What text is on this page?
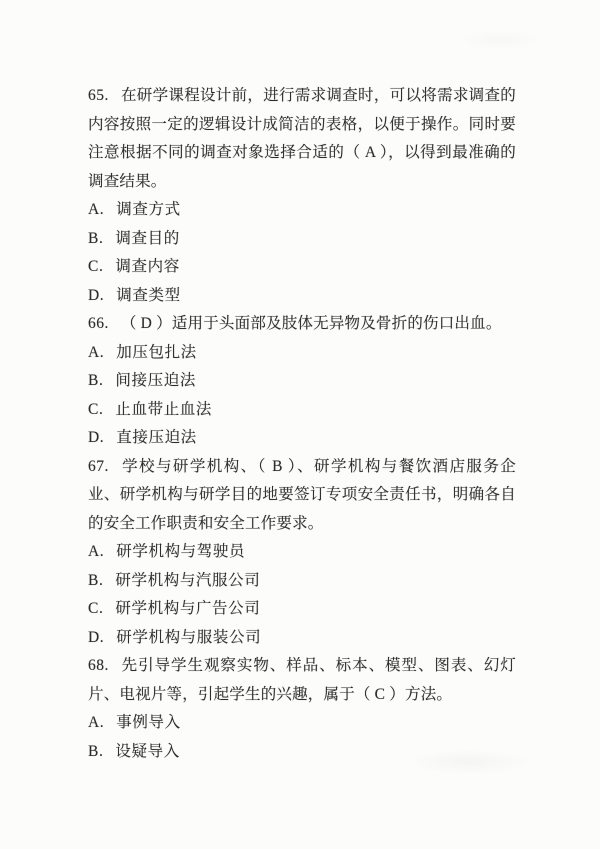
65. 在研学课程设计前，进行需求调查时，可以将需求调查的内容按照一定的逻辑设计成简洁的表格，以便于操作。同时要注意根据不同的调查对象选择合适的（ A ），以得到最准确的调查结果。

A. 调查方式

B. 调查目的

C. 调查内容

D. 调查类型

66. （ D ）适用于头面部及肢体无异物及骨折的伤口出血。

A. 加压包扎法

B. 间接压迫法

C. 止血带止血法

D. 直接压迫法

67. 学校与研学机构、（ B ）、研学机构与餐饮酒店服务企业、研学机构与研学目的地要签订专项安全责任书，明确各自的安全工作职责和安全工作要求。

A. 研学机构与驾驶员

B. 研学机构与汽服公司

C. 研学机构与广告公司

D. 研学机构与服装公司

68. 先引导学生观察实物、样品、标本、模型、图表、幻灯片、电视片等，引起学生的兴趣，属于（ C ）方法。

A. 事例导入

B. 设疑导入
